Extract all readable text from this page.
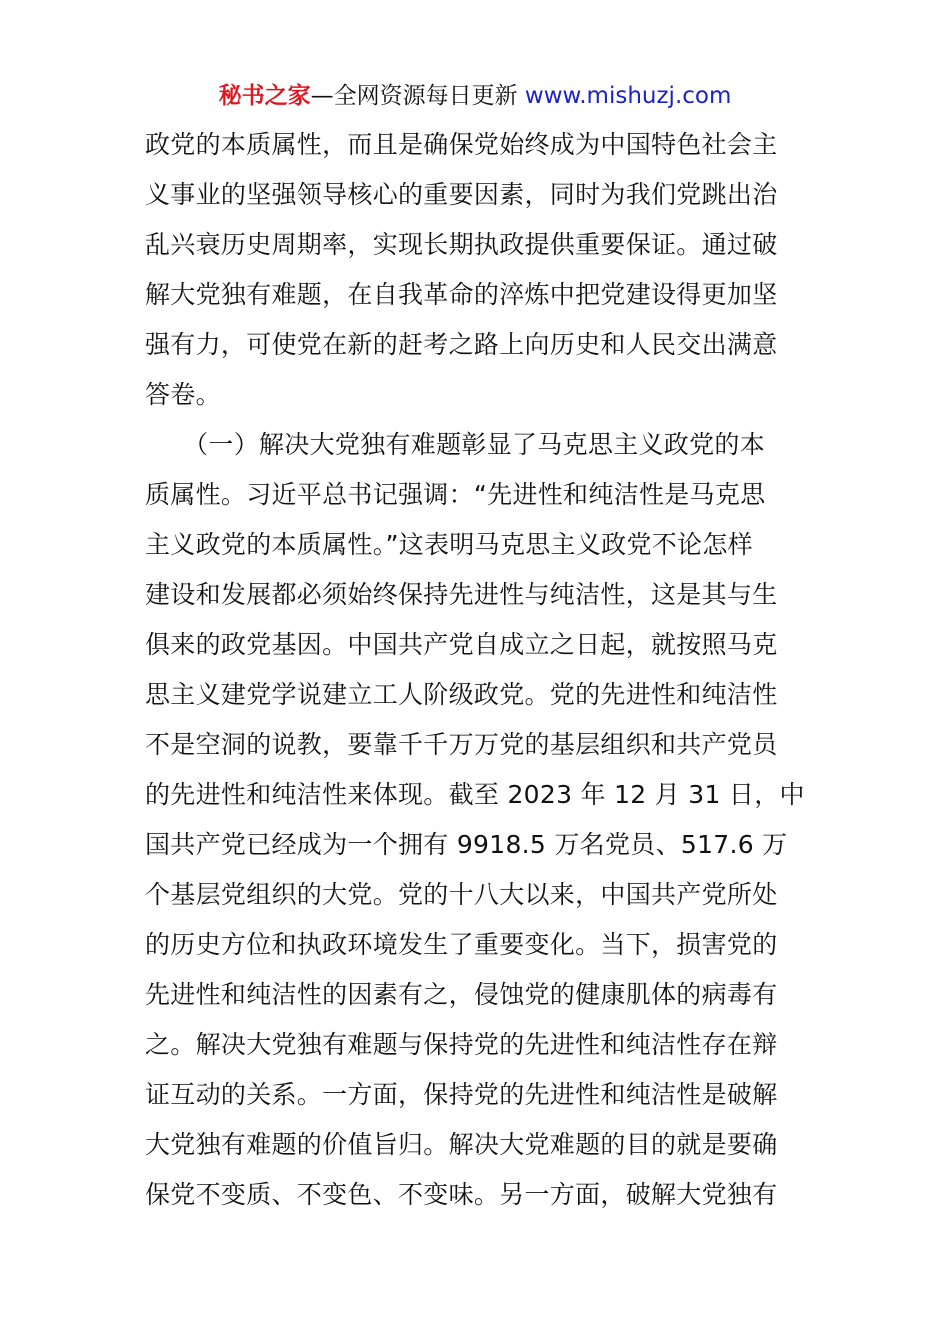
秘书之家—全网资源每日更新 www.mishuzj.com
政党的本质属性，而且是确保党始终成为中国特色社会主
义事业的坚强领导核心的重要因素，同时为我们党跳出治
乱兴衰历史周期率，实现长期执政提供重要保证。通过破
解大党独有难题，在自我革命的淬炼中把党建设得更加坚
强有力，可使党在新的赶考之路上向历史和人民交出满意
答卷。
　　（一）解决大党独有难题彰显了马克思主义政党的本
质属性。习近平总书记强调：“先进性和纯洁性是马克思
主义政党的本质属性。”这表明马克思主义政党不论怎样
建设和发展都必须始终保持先进性与纯洁性，这是其与生
俱来的政党基因。中国共产党自成立之日起，就按照马克
思主义建党学说建立工人阶级政党。党的先进性和纯洁性
不是空洞的说教，要靠千千万万党的基层组织和共产党员
的先进性和纯洁性来体现。截至 2023 年 12 月 31 日，中
国共产党已经成为一个拥有 9918.5 万名党员、517.6 万
个基层党组织的大党。党的十八大以来，中国共产党所处
的历史方位和执政环境发生了重要变化。当下，损害党的
先进性和纯洁性的因素有之，侵蚀党的健康肌体的病毒有
之。解决大党独有难题与保持党的先进性和纯洁性存在辩
证互动的关系。一方面，保持党的先进性和纯洁性是破解
大党独有难题的价值旨归。解决大党难题的目的就是要确
保党不变质、不变色、不变味。另一方面，破解大党独有
